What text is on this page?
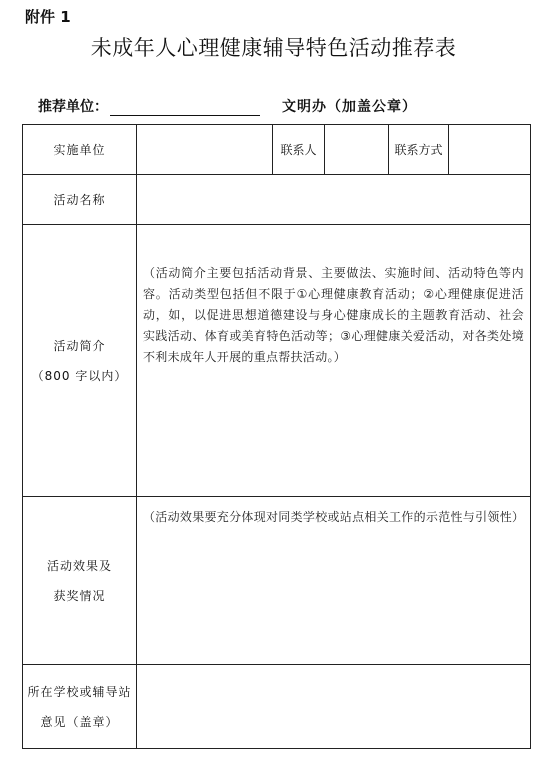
附件 1
未成年人心理健康辅导特色活动推荐表
推荐单位：	文明办（加盖公章）
实施单位		联系人		联系方式	
活动名称					

活动简介
（800 字以内）	（活动简介主要包括活动背景、主要做法、实施时间、活动特色等内容。活动类型包括但不限于①心理健康教育活动；②心理健康促进活动，如，以促进思想道德建设与身心健康成长的主题教育活动、社会实践活动、体育或美育特色活动等；③心理健康关爱活动，对各类处境不利未成年人开展的重点帮扶活动。）				

活动效果及
获奖情况	（活动效果要充分体现对同类学校或站点相关工作的示范性与引领性）				

所在学校或辅导站
意见（盖章）					
